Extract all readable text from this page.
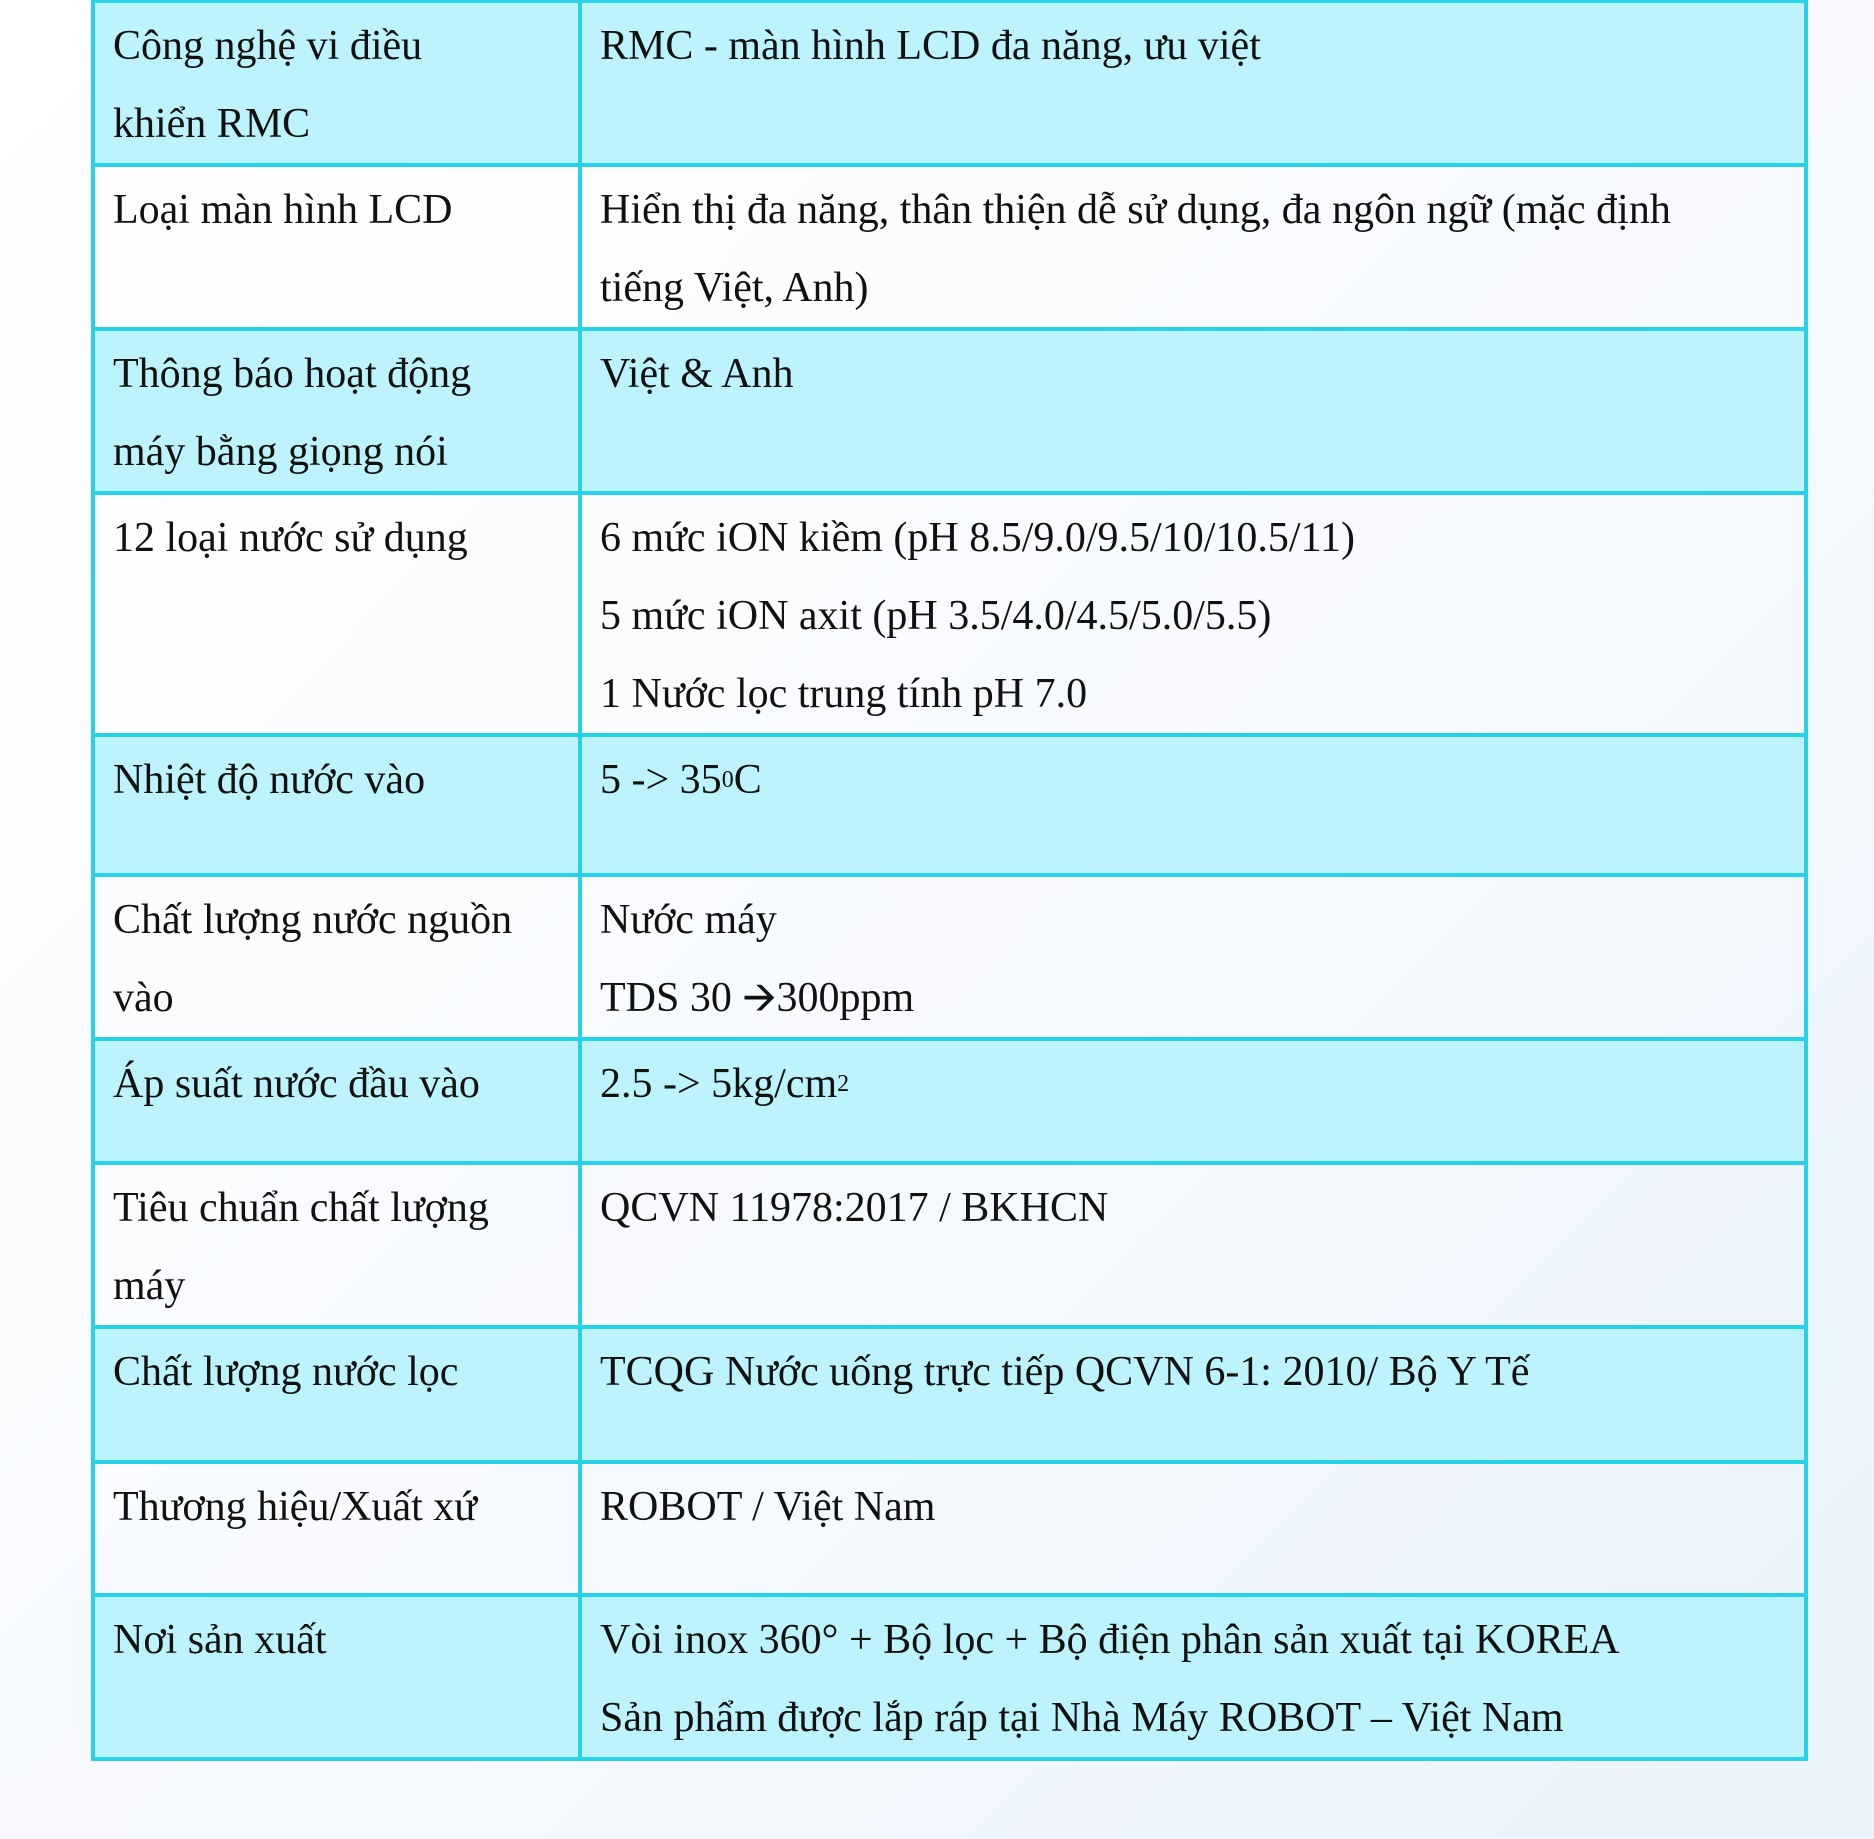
Công nghệ vi điều
khiển RMC	RMC - màn hình LCD đa năng, ưu việt

Loại màn hình LCD	Hiển thị đa năng, thân thiện dễ sử dụng, đa ngôn ngữ (mặc định
tiếng Việt, Anh)

Thông báo hoạt động
máy bằng giọng nói	Việt & Anh

12 loại nước sử dụng	6 mức iON kiềm (pH 8.5/9.0/9.5/10/10.5/11)
5 mức iON axit (pH 3.5/4.0/4.5/5.0/5.5)
1 Nước lọc trung tính pH 7.0

Nhiệt độ nước vào	$5 -> 35^0C$

Chất lượng nước nguồn
vào	Nước máy
TDS 30 🡪300ppm

Áp suất nước đầu vào	$2.5 -> 5kg/cm^2$

Tiêu chuẩn chất lượng
máy	QCVN 11978:2017 / BKHCN

Chất lượng nước lọc	TCQG Nước uống trực tiếp QCVN 6-1: 2010/ Bộ Y Tế

Thương hiệu/Xuất xứ	ROBOT / Việt Nam

Nơi sản xuất	Vòi inox 360° + Bộ lọc + Bộ điện phân sản xuất tại KOREA
Sản phẩm được lắp ráp tại Nhà Máy ROBOT – Việt Nam
